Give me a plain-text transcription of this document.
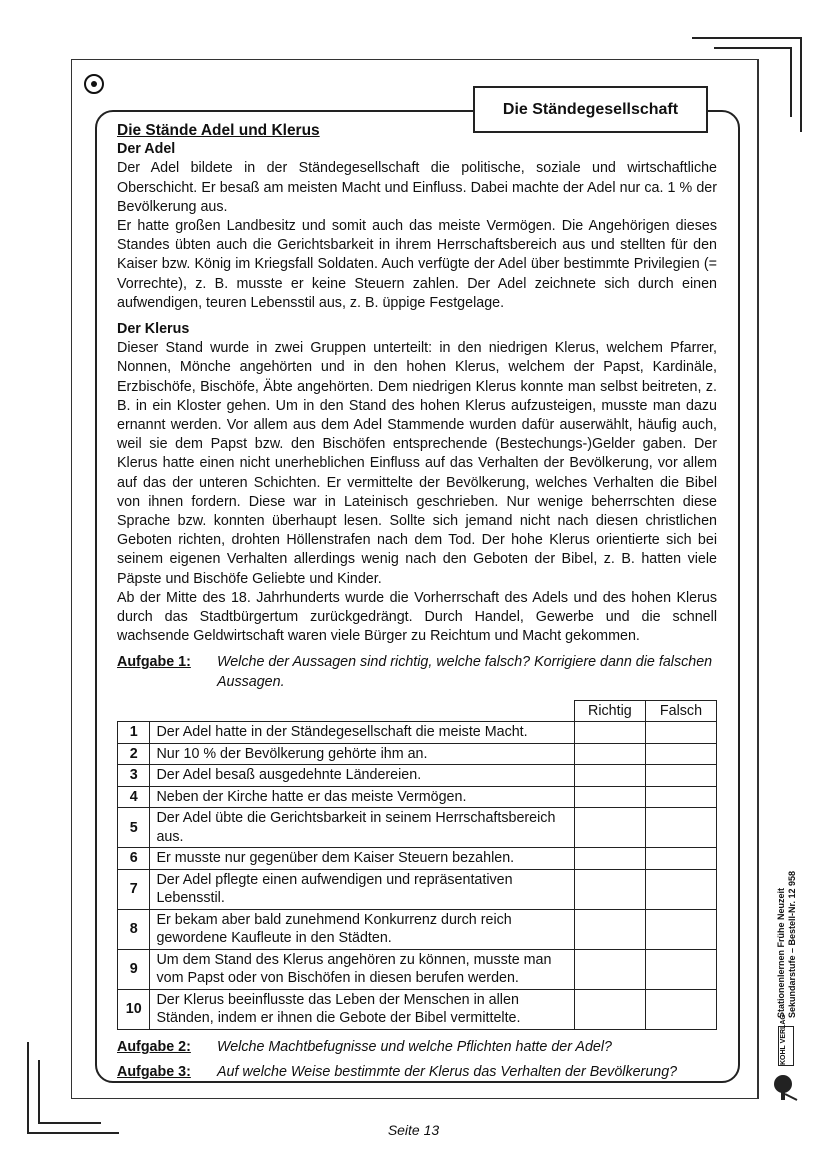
Die Ständegesellschaft

Die Stände Adel und Klerus

Der Adel

Der Adel bildete in der Ständegesellschaft die politische, soziale und wirtschaftliche Oberschicht. Er besaß am meisten Macht und Einfluss. Dabei machte der Adel nur ca. 1 % der Bevölkerung aus.

Er hatte großen Landbesitz und somit auch das meiste Vermögen. Die Angehörigen dieses Standes übten auch die Gerichtsbarkeit in ihrem Herrschaftsbereich aus und stellten für den Kaiser bzw. König im Kriegsfall Soldaten. Auch verfügte der Adel über bestimmte Privilegien (= Vorrechte), z. B. musste er keine Steuern zahlen. Der Adel zeichnete sich durch einen aufwendigen, teuren Lebensstil aus, z. B. üppige Festgelage.

Der Klerus

Dieser Stand wurde in zwei Gruppen unterteilt: in den niedrigen Klerus, welchem Pfarrer, Nonnen, Mönche angehörten und in den hohen Klerus, welchem der Papst, Kardinäle, Erzbischöfe, Bischöfe, Äbte angehörten. Dem niedrigen Klerus konnte man selbst beitreten, z. B. in ein Kloster gehen. Um in den Stand des hohen Klerus aufzusteigen, musste man dazu ernannt werden. Vor allem aus dem Adel Stammende wurden dafür auserwählt, häufig auch, weil sie dem Papst bzw. den Bischöfen entsprechende (Bestechungs-)Gelder gaben. Der Klerus hatte einen nicht unerheblichen Einfluss auf das Verhalten der Bevölkerung, vor allem auf das der unteren Schichten. Er vermittelte der Bevölkerung, welches Verhalten die Bibel von ihnen fordern. Diese war in Lateinisch geschrieben. Nur wenige beherrschten diese Sprache bzw. konnten überhaupt lesen. Sollte sich jemand nicht nach diesen christlichen Geboten richten, drohten Höllenstrafen nach dem Tod. Der hohe Klerus orientierte sich bei seinem eigenen Verhalten allerdings wenig nach den Geboten der Bibel, z. B. hatten viele Päpste und Bischöfe Geliebte und Kinder.

Ab der Mitte des 18. Jahrhunderts wurde die Vorherrschaft des Adels und des hohen Klerus durch das Stadtbürgertum zurückgedrängt. Durch Handel, Gewerbe und die schnell wachsende Geldwirtschaft waren viele Bürger zu Reichtum und Macht gekommen.

Aufgabe 1:	Welche der Aussagen sind richtig, welche falsch? Korrigiere dann die falschen Aussagen.
		Richtig	Falsch
1	Der Adel hatte in der Ständegesellschaft die meiste Macht.		
2	Nur 10 % der Bevölkerung gehörte ihm an.		
3	Der Adel besaß ausgedehnte Ländereien.		
4	Neben der Kirche hatte er das meiste Vermögen.		
5	Der Adel übte die Gerichtsbarkeit in seinem Herrschaftsbereich aus.		
6	Er musste nur gegenüber dem Kaiser Steuern bezahlen.		
7	Der Adel pflegte einen aufwendigen und repräsentativen Lebensstil.		
8	Er bekam aber bald zunehmend Konkurrenz durch reich gewordene Kaufleute in den Städten.		
9	Um dem Stand des Klerus angehören zu können, musste man vom Papst oder von Bischöfen in diesen berufen werden.		
10	Der Klerus beeinflusste das Leben der Menschen in allen Ständen, indem er ihnen die Gebote der Bibel vermittelte.		
Aufgabe 2:	Welche Machtbefugnisse und welche Pflichten hatte der Adel?
Aufgabe 3:	Auf welche Weise bestimmte der Klerus das Verhalten der Bevölkerung?
Stationenlernen Frühe Neuzeit Sekundarstufe – Bestell-Nr. 12 958
KOHL VERLAG
Seite 13
